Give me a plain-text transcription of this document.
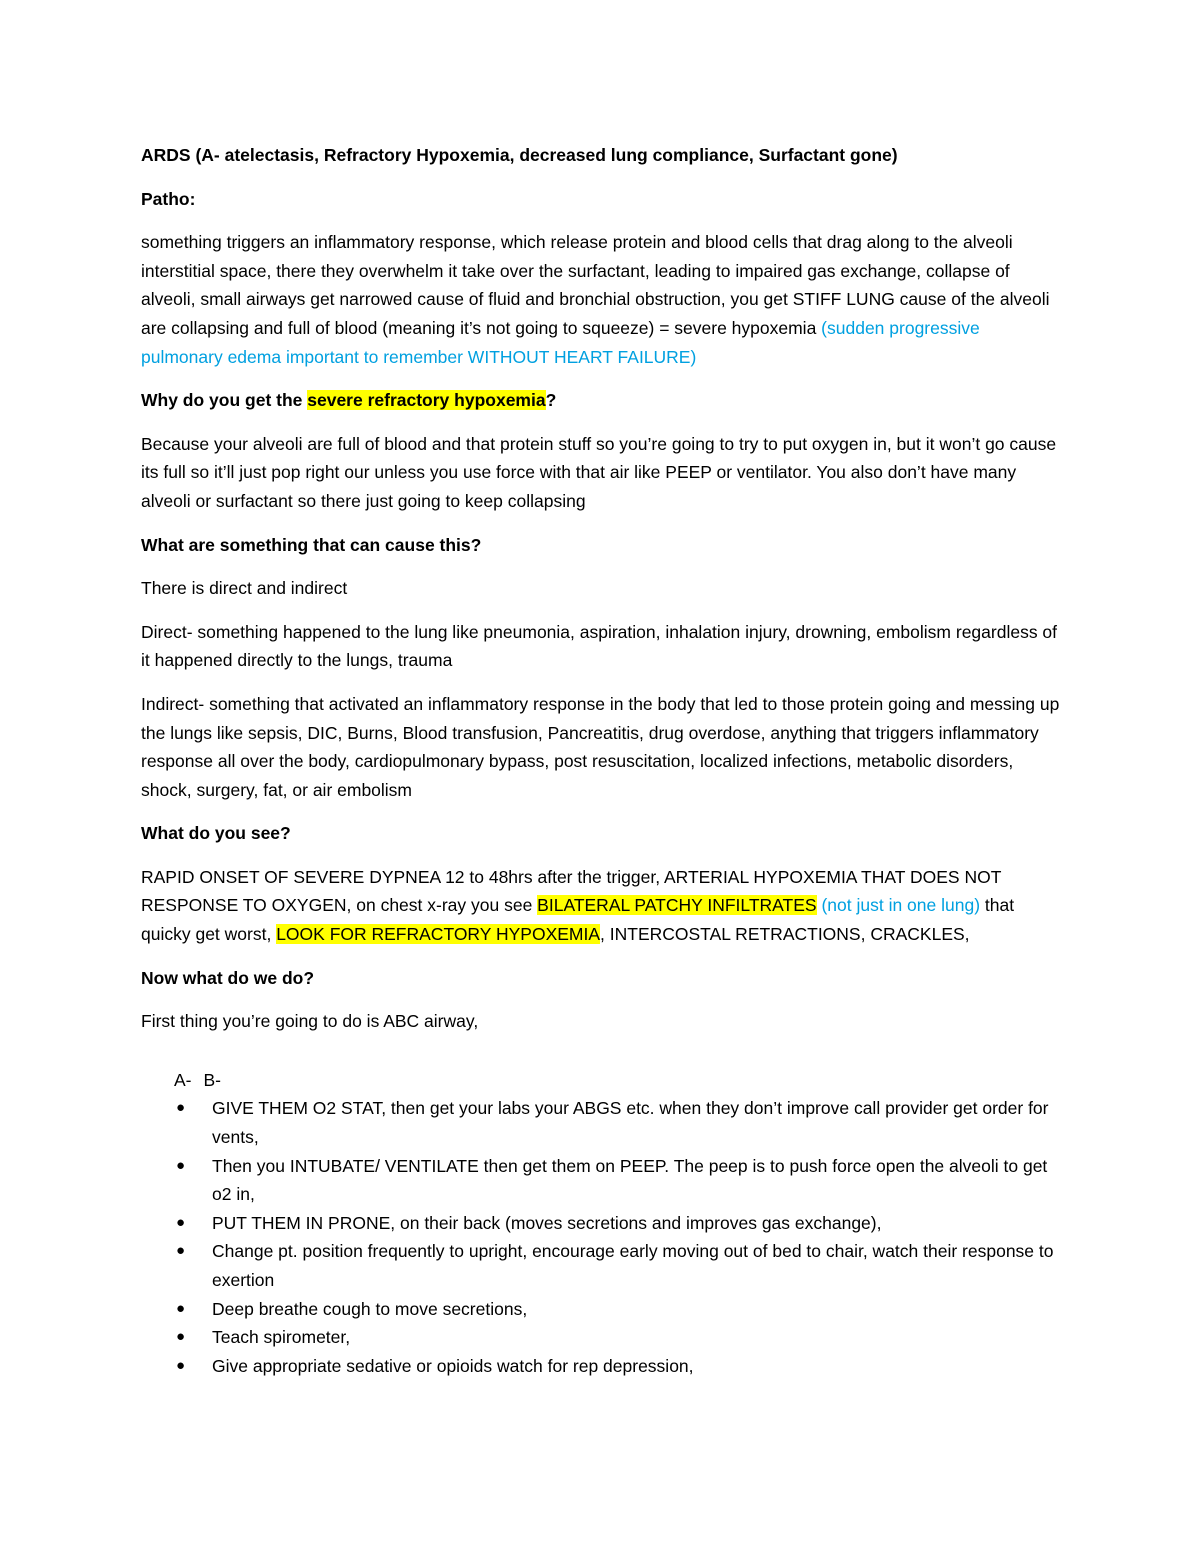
ARDS (A- atelectasis, Refractory Hypoxemia, decreased lung compliance, Surfactant gone)

Patho:

something triggers an inflammatory response, which release protein and blood cells that drag along to the alveoli interstitial space, there they overwhelm it take over the surfactant, leading to impaired gas exchange, collapse of alveoli, small airways get narrowed cause of fluid and bronchial obstruction, you get STIFF LUNG cause of the alveoli are collapsing and full of blood (meaning it’s not going to squeeze) = severe hypoxemia (sudden progressive pulmonary edema important to remember WITHOUT HEART FAILURE)

Why do you get the severe refractory hypoxemia?

Because your alveoli are full of blood and that protein stuff so you’re going to try to put oxygen in, but it won’t go cause its full so it’ll just pop right our unless you use force with that air like PEEP or ventilator. You also don’t have many alveoli or surfactant so there just going to keep collapsing

What are something that can cause this?

There is direct and indirect

Direct- something happened to the lung like pneumonia, aspiration, inhalation injury, drowning, embolism regardless of it happened directly to the lungs, trauma

Indirect- something that activated an inflammatory response in the body that led to those protein going and messing up the lungs like sepsis, DIC, Burns, Blood transfusion, Pancreatitis, drug overdose, anything that triggers inflammatory response all over the body, cardiopulmonary bypass, post resuscitation, localized infections, metabolic disorders, shock, surgery, fat, or air embolism

What do you see?

RAPID ONSET OF SEVERE DYPNEA 12 to 48hrs after the trigger, ARTERIAL HYPOXEMIA THAT DOES NOT RESPONSE TO OXYGEN, on chest x-ray you see BILATERAL PATCHY INFILTRATES (not just in one lung) that quicky get worst, LOOK FOR REFRACTORY HYPOXEMIA, INTERCOSTAL RETRACTIONS, CRACKLES,

Now what do we do?

First thing you’re going to do is ABC airway,

A- B-
● GIVE THEM O2 STAT, then get your labs your ABGS etc. when they don’t improve call provider get order for vents,
● Then you INTUBATE/ VENTILATE then get them on PEEP. The peep is to push force open the alveoli to get o2 in,
● PUT THEM IN PRONE, on their back (moves secretions and improves gas exchange),
● Change pt. position frequently to upright, encourage early moving out of bed to chair, watch their response to exertion
● Deep breathe cough to move secretions,
● Teach spirometer,
● Give appropriate sedative or opioids watch for rep depression,
